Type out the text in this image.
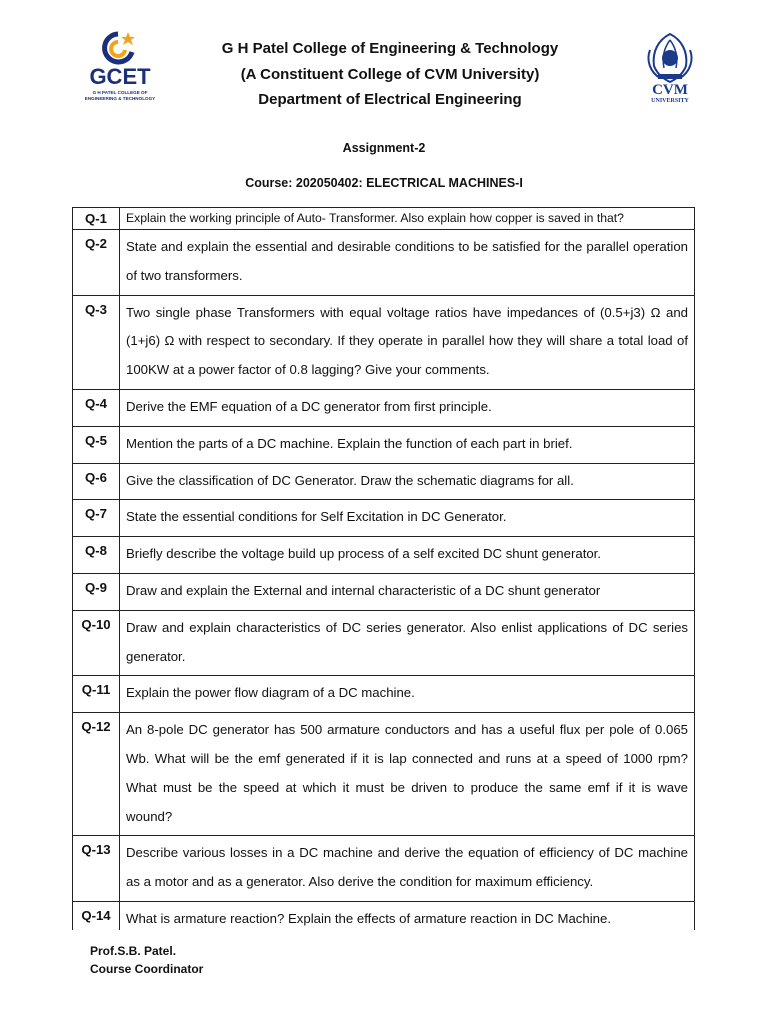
GCET
G H PATEL COLLEGE OF
ENGINEERING & TECHNOLOGY
G H Patel College of Engineering & Technology
(A Constituent College of CVM University)
Department of Electrical Engineering
CVM
UNIVERSITY
Assignment-2
Course: 202050402: ELECTRICAL MACHINES-I
Q-1	Explain the working principle of Auto- Transformer. Also explain how copper is saved in that?
Q-2	State and explain the essential and desirable conditions to be satisfied for the parallel operation of two transformers.
Q-3	Two single phase Transformers with equal voltage ratios have impedances of (0.5+j3) Ω and (1+j6) Ω with respect to secondary. If they operate in parallel how they will share a total load of 100KW at a power factor of 0.8 lagging? Give your comments.
Q-4	Derive the EMF equation of a DC generator from first principle.
Q-5	Mention the parts of a DC machine. Explain the function of each part in brief.
Q-6	Give the classification of DC Generator. Draw the schematic diagrams for all.
Q-7	State the essential conditions for Self Excitation in DC Generator.
Q-8	Briefly describe the voltage build up process of a self excited DC shunt generator.
Q-9	Draw and explain the External and internal characteristic of a DC shunt generator
Q-10	Draw and explain characteristics of DC series generator. Also enlist applications of DC series generator.
Q-11	Explain the power flow diagram of a DC machine.
Q-12	An 8-pole DC generator has 500 armature conductors and has a useful flux per pole of 0.065 Wb. What will be the emf generated if it is lap connected and runs at a speed of 1000 rpm? What must be the speed at which it must be driven to produce the same emf if it is wave wound?
Q-13	Describe various losses in a DC machine and derive the equation of efficiency of DC machine as a motor and as a generator. Also derive the condition for maximum efficiency.
Q-14	What is armature reaction? Explain the effects of armature reaction in DC Machine.

Prof.S.B. Patel.
Course Coordinator
